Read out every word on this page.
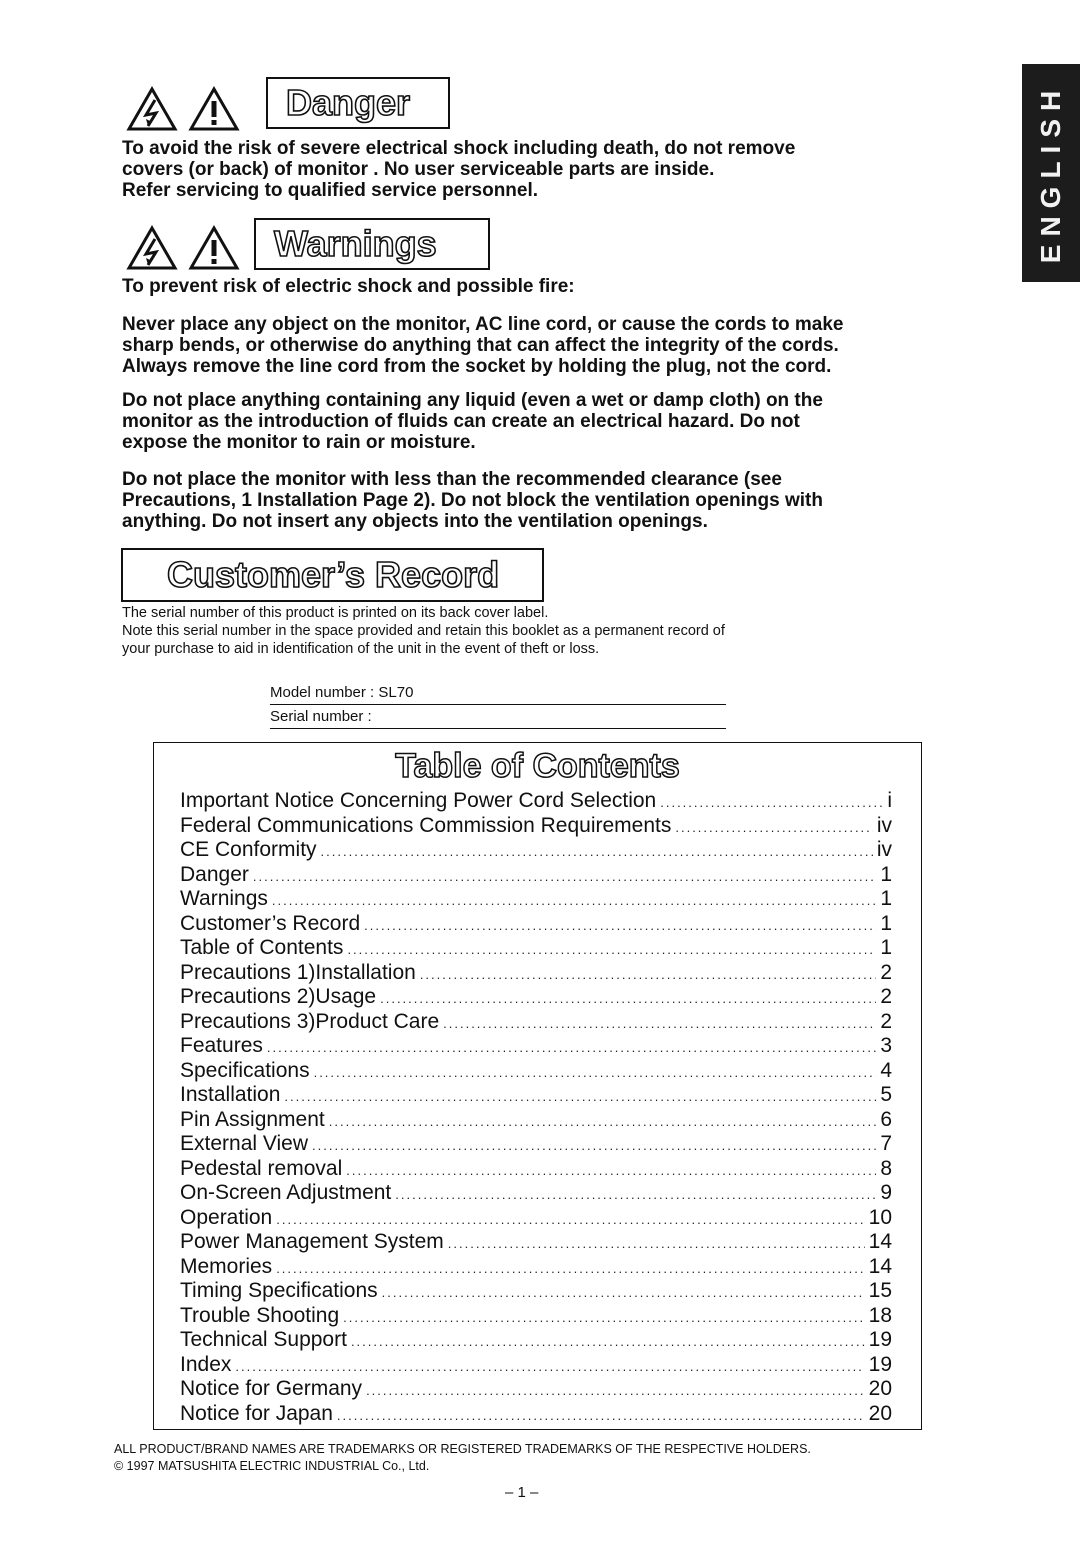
ENGLISH
Danger
To avoid the risk of severe electrical shock including death, do not remove
covers (or back) of monitor . No user serviceable parts are inside.
Refer servicing to qualified service personnel.
Warnings
To prevent risk of electric shock and possible fire:
Never place any object on the monitor, AC line cord, or cause the cords to make
sharp bends, or otherwise do anything that can affect the integrity of the cords.
Always remove the line cord from the socket by holding the plug, not the cord.
Do not place anything containing any liquid (even a wet or damp cloth) on the
monitor as the introduction of fluids can create an electrical hazard. Do not
expose the monitor to rain or moisture.
Do not place the monitor with less than the recommended clearance (see
Precautions, 1 Installation Page 2). Do not block the ventilation openings with
anything. Do not insert any objects into the ventilation openings.
Customer’s Record
The serial number of this product is printed on its back cover label.
Note this serial number in the space provided and retain this booklet as a permanent record of
your purchase to aid in identification of the unit in the event of theft or loss.
Model number : SL70
Serial number :
Table of Contents
Important Notice Concerning Power Cord Selection .....	i
Federal Communications Commission Requirements .....	iv
CE Conformity .....	iv
Danger .....	1
Warnings .....	1
Customer’s Record .....	1
Table of Contents .....	1
Precautions 1)Installation .....	2
Precautions 2)Usage .....	2
Precautions 3)Product Care .....	2
Features .....	3
Specifications .....	4
Installation .....	5
Pin Assignment .....	6
External View .....	7
Pedestal removal .....	8
On-Screen Adjustment .....	9
Operation .....	10
Power Management System .....	14
Memories .....	14
Timing Specifications .....	15
Trouble Shooting .....	18
Technical Support .....	19
Index .....	19
Notice for Germany .....	20
Notice for Japan .....	20
ALL PRODUCT/BRAND NAMES ARE TRADEMARKS OR REGISTERED TRADEMARKS OF THE RESPECTIVE HOLDERS.
© 1997 MATSUSHITA ELECTRIC INDUSTRIAL Co., Ltd.
– 1 –
